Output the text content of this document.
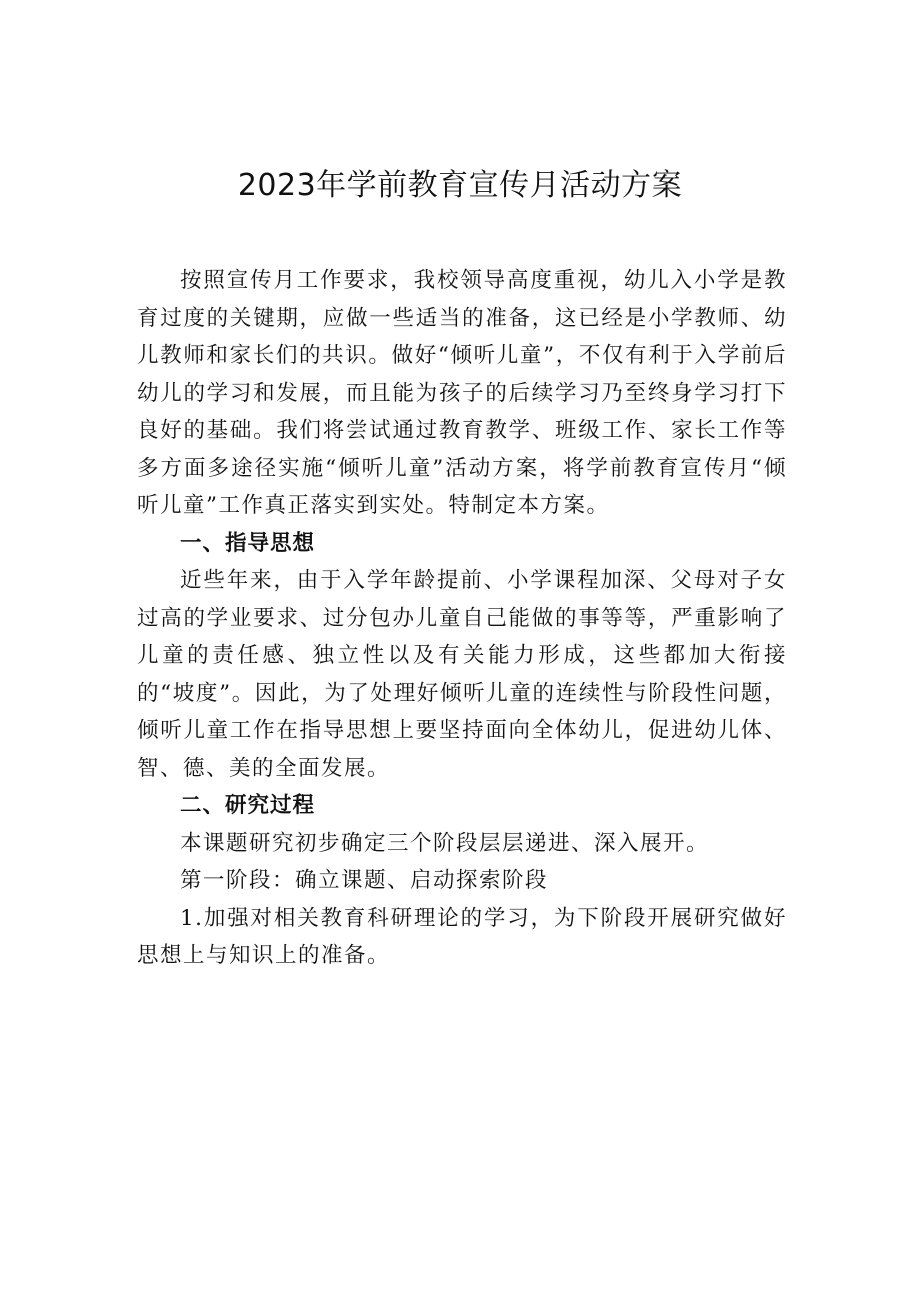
2023年学前教育宣传月活动方案

按照宣传月工作要求，我校领导高度重视，幼儿入小学是教育过度的关键期，应做一些适当的准备，这已经是小学教师、幼儿教师和家长们的共识。做好“倾听儿童”，不仅有利于入学前后幼儿的学习和发展，而且能为孩子的后续学习乃至终身学习打下良好的基础。我们将尝试通过教育教学、班级工作、家长工作等多方面多途径实施“倾听儿童”活动方案，将学前教育宣传月“倾听儿童”工作真正落实到实处。特制定本方案。

一、指导思想

近些年来，由于入学年龄提前、小学课程加深、父母对子女过高的学业要求、过分包办儿童自己能做的事等等，严重影响了儿童的责任感、独立性以及有关能力形成，这些都加大衔接的“坡度”。因此，为了处理好倾听儿童的连续性与阶段性问题，倾听儿童工作在指导思想上要坚持面向全体幼儿，促进幼儿体、智、德、美的全面发展。

二、研究过程

本课题研究初步确定三个阶段层层递进、深入展开。

第一阶段：确立课题、启动探索阶段

1.加强对相关教育科研理论的学习，为下阶段开展研究做好思想上与知识上的准备。
